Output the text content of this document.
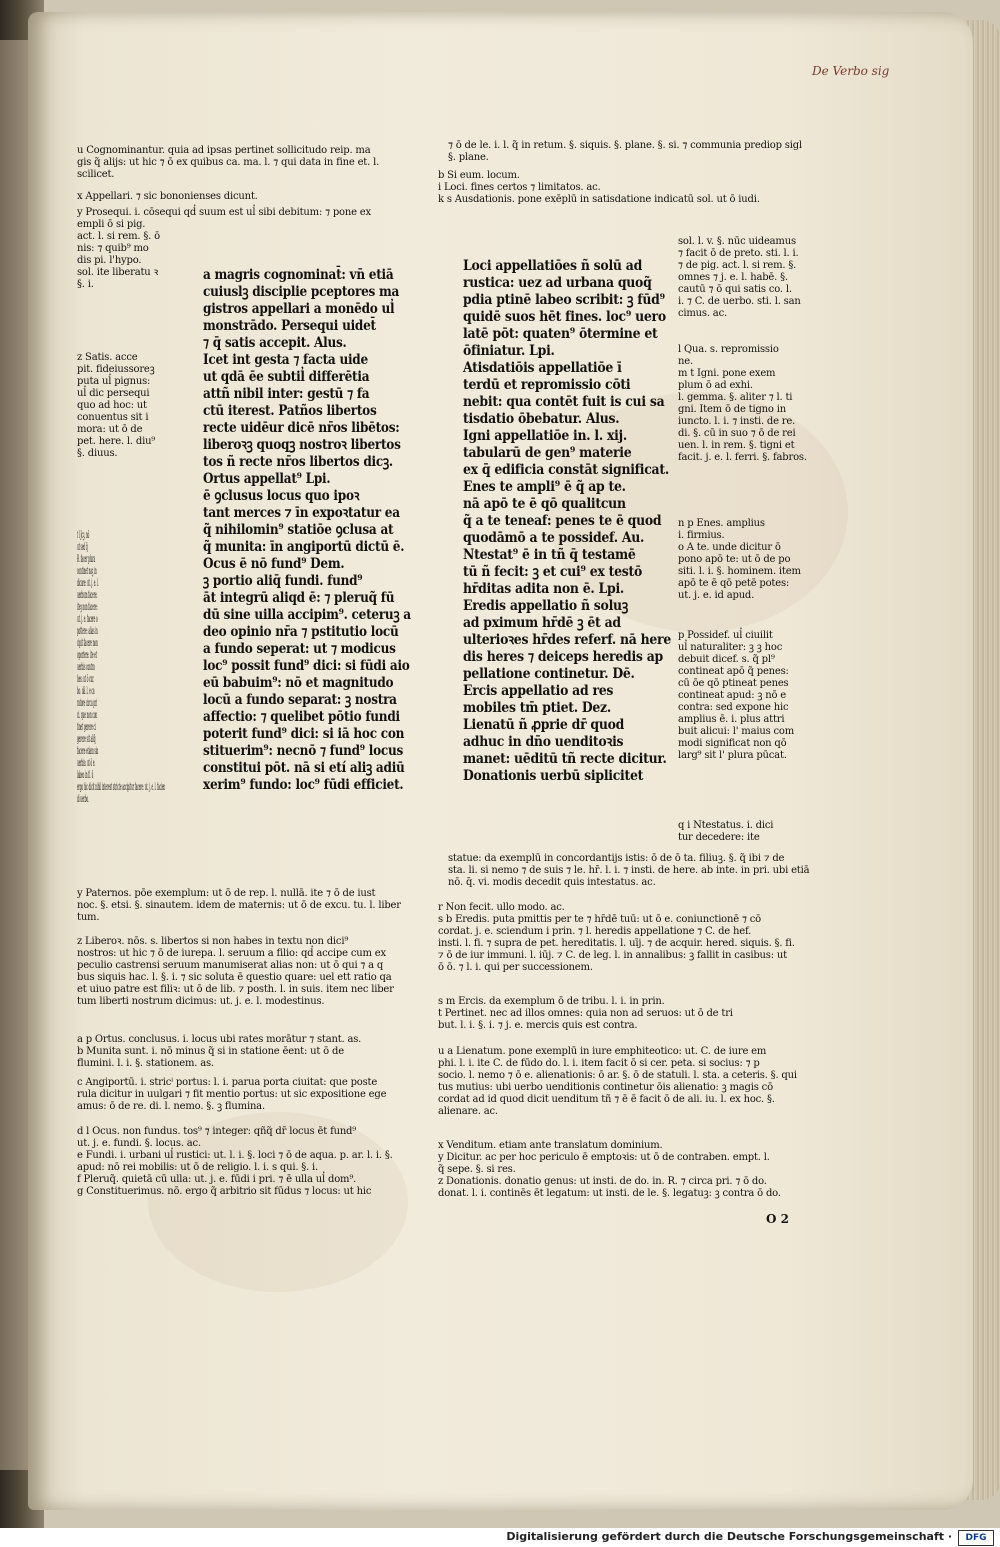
De Verbo sig
u Cognominantur. quia ad ipsas pertinet sollicitudo reip. ma
gis q̃ alijs: ut hic ⁊ ō ex quibus ca. ma. l. ⁊ qui data in fine et. l.
scilicet.
x Appellari. ⁊ sic bononienses dicunt.
y Prosequi. i. cōsequi qd̓ suum est ul̓ sibi debitum: ⁊ pone ex
empli ō si pig.
act. l. si rem. §. ō
nis: ⁊ quib⁹ mo
dis pi. l'hypo.
sol. ite liberatu ꝛ
§. i.
z Satis. acce
pit. fideiussoreꝫ
puta ul̓ pignus:
ul̓ dic persequi
quo ad hoc: ut
conuentus sit i
mora: ut ō de
pet. here. l. diu⁹
§. diuus.
t l Jcꝫ. nō
ut sed q̃
R. facer plura
continet naꝫ in
dicare: ut. j. e. l.
uerbum facere.
iteꝫ non facere:
ut. j. e. facere o
pottere: alias in
cipit facere non
oportere. ite et
uerbis contra
hes: ut ō cur.
bo. dā. l. e ca
ratore circa pri
ci. que non con
tinet gerere ci
gerere sit aliq̃
facere etiam sin
uerbis: ut ō e.
labeo in fi. ū
ergo hic dicit nihil interest stricte accipitur facere: ut. j. e. l. facien
di uerbo.
y Paternos. pōe exemplum: ut ō de rep. l. nullā. ite ⁊ ō de iust
noc. §. etsi. §. sinautem. idem de maternis: ut ō de excu. tu. l. liber
tum.
z Liberoꝛ. nōs. s. libertos si non habes in textu non dici⁹
nostros: ut hic ⁊ ō de iurepa. l. seruum a filio: qd̓ accipe cum ex
peculio castrensi seruum manumiserat alias non: ut ō qui ⁊ a q
bus siquis hac. l. §. i. ⁊ sic soluta ē questio quare: uel ett ratio qa
et uiuo patre est filiꝛ: ut ō de lib. ⁊ posth. l. in suis. item nec liber
tum liberti nostrum dicimus: ut. j. e. l. modestinus.
a p Ortus. conclusus. i. locus ubi rates morātur ⁊ stant. as.
b Munita sunt. i. nō minus q̃ si in statione ēent: ut ō de
flumini. l. i. §. stationem. as.
c Angiportū. i. stricⁱ portus: l. i. parua porta ciuitat: que poste
rula dicitur in uulgari ⁊ fit mentio portus: ut sic expositione ege
amus: ō de re. di. l. nemo. §. ꝫ flumina.
d l Ocus. non fundus. tos⁹ ⁊ integer: qñq̃ dr̄ locus ēt fund⁹
ut. j. e. fundi. §. locus. ac.
e Fundi. i. urbani ul̓ rustici: ut. l. i. §. loci ⁊ ō de aqua. p. ar. l. i. §.
apud: nō rei mobilis: ut ō de religio. l. i. s qui. §. i.
f Pleruq̃. quietā cū ulla: ut. j. e. fūdi i pri. ⁊ ē ulla ul̓ dom⁹.
g Constituerimus. nō. ergo q̃ arbitrio sit fūdus ⁊ locus: ut hic
a magris cognominat̄: vn̄ etiā
cuiuslꝫ disciplie pceptores ma
gistros appellari a monēdo ul̓
monstrādo. Persequi uidet̄
⁊ q̄ satis accepit. Alus.
Icet int gesta ⁊ facta uide
ut qdā ēe subtil̓ differētia
attñ nibil inter: gestū ⁊ fa
ctū iterest. Patños libertos
recte uidēur dicē nr̄os libētos:
liberoꝛꝫ quoqꝫ nostroꝛ libertos
tos ñ recte nr̄os libertos dicꝫ.
Ortus appellat⁹ Lpi.
ē ꝯclusus locus quo ipoꝛ
tant merces ⁊ īn expoꝛtatur ea
q̃ nihilomin⁹ statiōe ꝯclusa at
q̃ munita: īn angiportū dictū ē.
Ocus ē nō fund⁹ Dem.
ꝫ portio aliq̄ fundi. fund⁹
āt integrū aliqd ē: ⁊ pleruq̃ fū
dū sine uilla accipim⁹. ceteruꝫ a
deo opinio nr̄a ⁊ pstitutio locū
a fundo seperat: ut ⁊ modicus
loc⁹ possit fund⁹ dici: si fūdi aio
eū babuim⁹: nō et magnitudo
locū a fundo separat: ꝫ nostra
affectio: ⁊ quelibet pōtio fundi
poterit fund⁹ dici: si iā hoc con
stituerim⁹: necnō ⁊ fund⁹ locus
constitui pōt. nā si etí aliꝫ adiū
xerim⁹ fundo: loc⁹ fūdi efficiet.
⁊ ō de le. i. l. q̃ in retum. §. siquis. §. plane. §. si. ⁊ communia prediop sigl
§. plane.
b Si eum. locum.
i Loci. fines certos ⁊ limitatos. ac.
k s Ausdationis. pone exēplū in satisdatione indicatū sol. ut ō iudi.
Loci appellatiōes ñ solū ad
rustica: uez ad urbana quoq̃
pdia ptinē labeo scribit: ꝫ fūd⁹
quidē suos hēt fines. loc⁹ uero
latē pōt: quaten⁹ ōtermine et
ōfiniatur. Lpi.
Atisdatiōis appellatiōe ī
terdū et repromissio cōti
nebit: qua contēt fuit is cui sa
tisdatio ōbebatur. Alus.
Igni appellatiōe in. l. xij.
tabularū de gen⁹ materie
ex q̄ edificia constāt significat.
Enes te ampli⁹ ē q̃ ap te.
nā apō te ē qō qualitcun
q̃ a te teneaf: penes te ē quod
quodāmō a te possidef. Au.
Ntestat⁹ ē in tñ q̄ testamē
tū ñ fecit: ꝫ et cui⁹ ex testō
hr̄ditas adita non ē. Lpi.
Eredis appellatio ñ soluꝫ
ad pximum hr̄dē ꝫ ēt ad
ulterioꝛes hr̄des referf. nā here
dis heres ⁊ deiceps heredis ap
pellatione continetur. Dē.
Ercis appellatio ad res
mobiles tm̄ ptiet. Dez.
Lienatū ñ ꝓprie dr̄ quod
adhuc in dn̄o uenditoꝛis
manet: uēditū tñ recte dicitur.
Donationis uerbū siplicitet
sol. l. v. §. nūc uideamus
⁊ facit ō de preto. sti. l. i.
⁊ de pig. act. l. si rem. §.
omnes ⁊ j. e. l. habē. §.
cautū ⁊ ō qui satis co. l.
i. ⁊ C. de uerbo. sti. l. san
cimus. ac.
l Qua. s. repromissio
ne.
m t Igni. pone exem
plum ō ad exhi.
l. gemma. §. aliter ⁊ l. ti
gni. Item ō de tigno in
iuncto. l. i. ⁊ insti. de re.
di. §. cū in suo ⁊ ō de rei
uen. l. in rem. §. tigni et
facit. j. e. l. ferri. §. fabros.
n p Enes. amplius
i. firmius.
o A te. unde dicitur ō
pono apō te: ut ō de po
siti. l. i. §. hominem. item
apō te ē qō petē potes:
ut. j. e. id apud.
p Possidef. ul̓ ciuilit
ul̓ naturaliter: ꝫ ꝫ hoc
debuit dicef. s. q̃ pl⁹
contineat apō q̃ penes:
cū ōe qō ptineat penes
contineat apud: ꝫ nō e
contra: sed expone hic
amplius ē. i. plus attri
buit alicui: l' maius com
modi significat non qō
larg⁹ sit l' plura pūcat.
q i Ntestatus. i. dici
tur decedere: ite
statue: da exemplū in concordantijs istis: ō de ō ta. filiuꝫ. §. q̃ ibi ⁊ de
sta. li. si nemo ⁊ de suis ⁊ le. hr̄. l. i. ⁊ insti. de here. ab inte. in pri. ubi etiā
nō. q̄. vi. modis decedit quis intestatus. ac.
r Non fecit. ullo modo. ac.
s b Eredis. puta pmittis per te ⁊ hr̄dē tuū: ut ō e. coniunctionē ⁊ cō
cordat. j. e. sciendum i prin. ⁊ l. heredis appellatione ⁊ C. de hef.
insti. l. fi. ⁊ supra de pet. hereditatis. l. uīj. ⁊ de acquir. hered. siquis. §. fi.
⁊ ō de iur immuni. l. iūj. ⁊ C. de leg. l. in annalibus: ꝫ fallit in casibus: ut
ō ō. ⁊ l. i. qui per successionem.
s m Ercis. da exemplum ō de tribu. l. i. in prin.
t Pertinet. nec ad illos omnes: quia non ad seruos: ut ō de tri
but. l. i. §. i. ⁊ j. e. mercis quis est contra.
u a Lienatum. pone exemplū in iure emphiteotico: ut. C. de iure em
phi. l. i. ite C. de fūdo do. l. i. item facit ō si cer. peta. si socius: ⁊ p
socio. l. nemo ⁊ ō e. alienationis: ō ar. §. ō de statuli. l. sta. a ceteris. §. qui
tus mutius: ubi uerbo uenditionis continetur ōis alienatio: ꝫ magis cō
cordat ad id quod dicit uenditum tñ ⁊ ē ē facit ō de ali. iu. l. ex hoc. §.
alienare. ac.
x Venditum. etiam ante translatum dominium.
y Dicitur. ac per hoc periculo ē emptoꝛis: ut ō de contraben. empt. l.
q̃ sepe. §. si res.
z Donationis. donatio genus: ut insti. de do. in. R. ⁊ circa pri. ⁊ ō do.
donat. l. i. continēs ēt legatum: ut insti. de le. §. legatuꝫ: ꝫ contra ō do.
O 2
Digitalisierung gefördert durch die Deutsche Forschungsgemeinschaft ·	DFG
